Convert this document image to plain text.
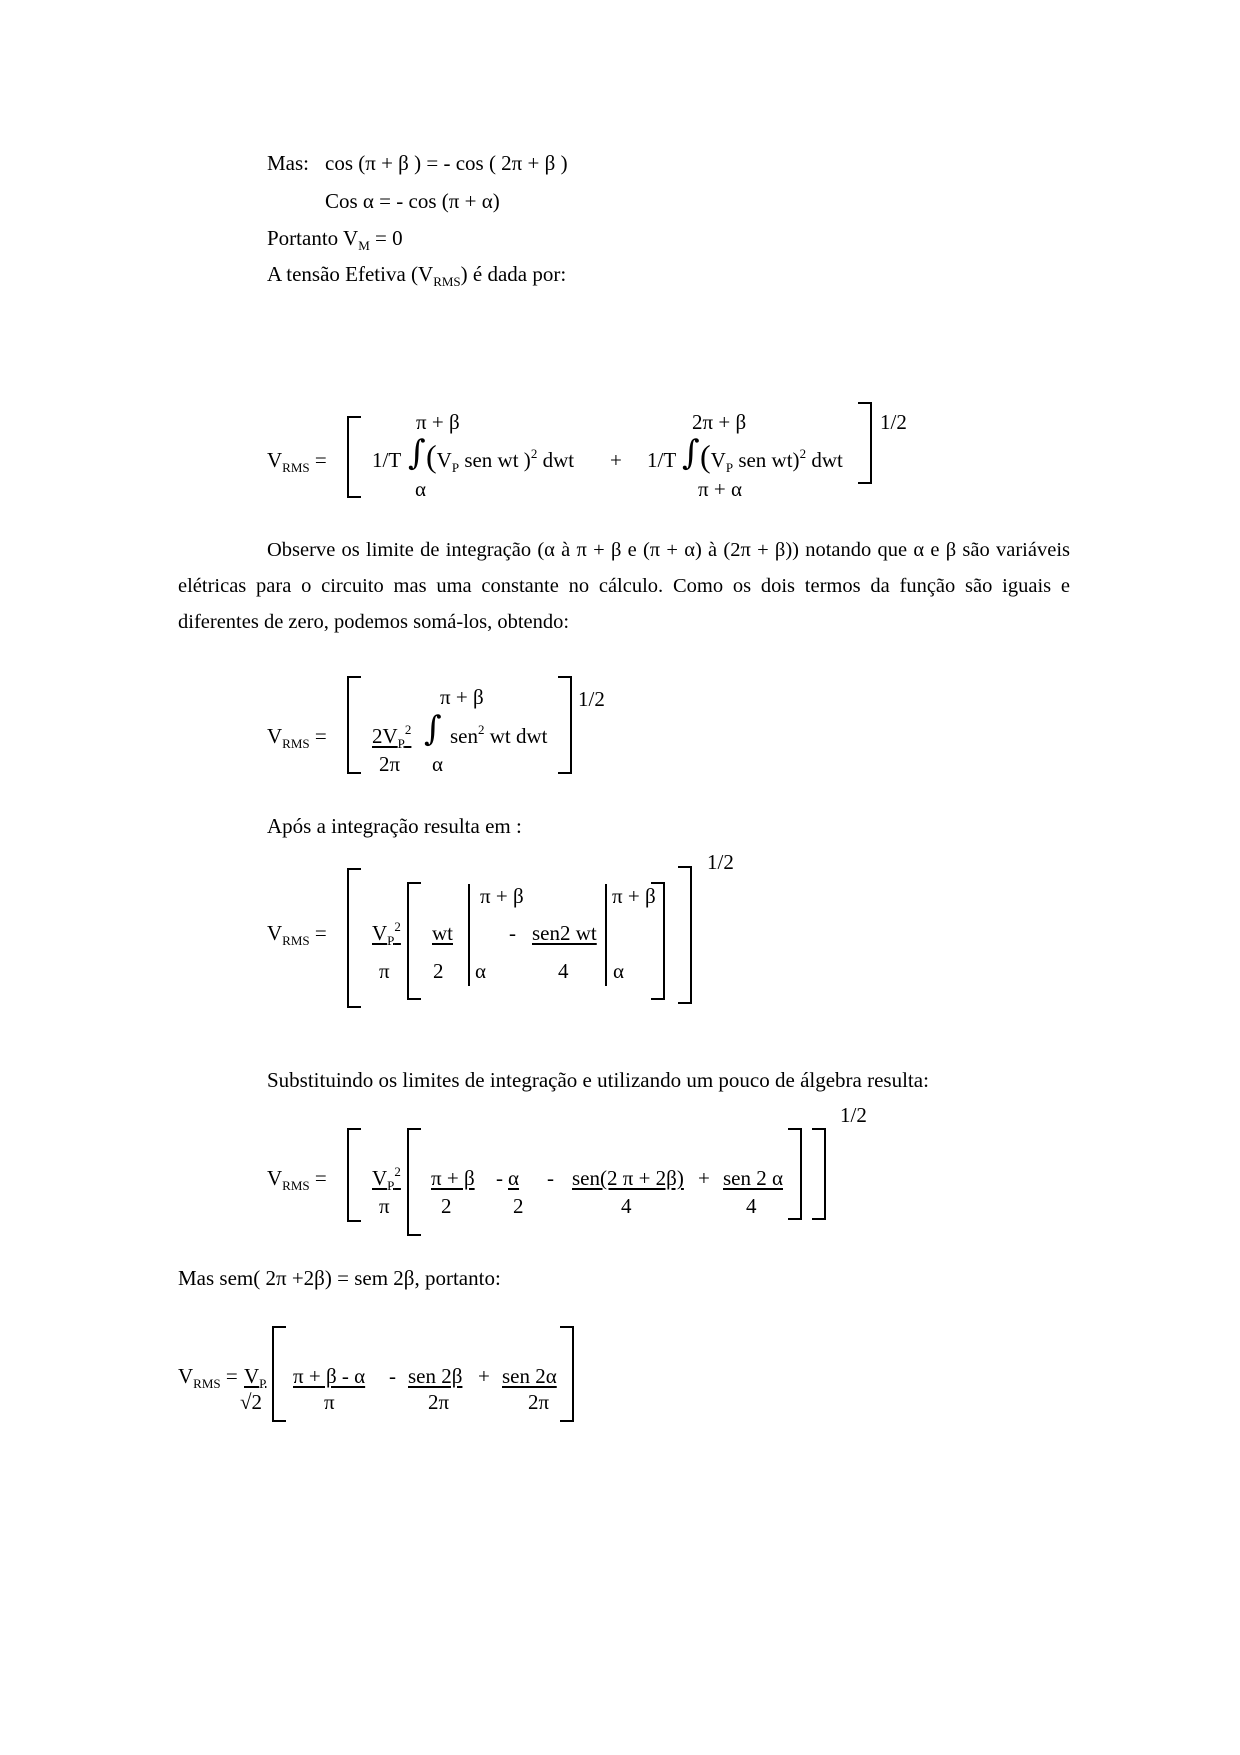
Mas: cos (π + β ) = - cos ( 2π + β )
Cos α = - cos (π + α)
Portanto $V_M = 0$
A tensão Efetiva $(V_{RMS})$ é dada por:
$V_{RMS}$ =
π + β	2π + β
1/T ∫ ($V_P$ sen wt )$^2$ dwt + 1/T ∫ ($V_P$ sen wt)$^2$ dwt
α	π + α
1/2
Observe os limite de integração (α à π + β e (π + α) à (2π + β)) notando que α e β são variáveis elétricas para o circuito mas uma constante no cálculo. Como os dois termos da função são iguais e diferentes de zero, podemos somá-los, obtendo:
$V_{RMS}$ =
π + β
$2V_P^2$ ∫ sen$^2$ wt dwt
2π α
1/2
Após a integração resulta em :
1/2
$V_{RMS} = V_P^2$
π
π + β
wt
2 α
- sen2 wt
4
π + β
α
Substituindo os limites de integração e utilizando um pouco de álgebra resulta:
1/2
$V_{RMS} = V_P^2$
π
π + β
2
- α
2
- sen(2 π + 2β)
4
+ sen 2 α
4
Mas sem( 2π +2β) = sem 2β, portanto:
$V_{RMS} = V_P$
√2
π + β - α
π
- sen 2β
2π
+ sen 2α
2π
